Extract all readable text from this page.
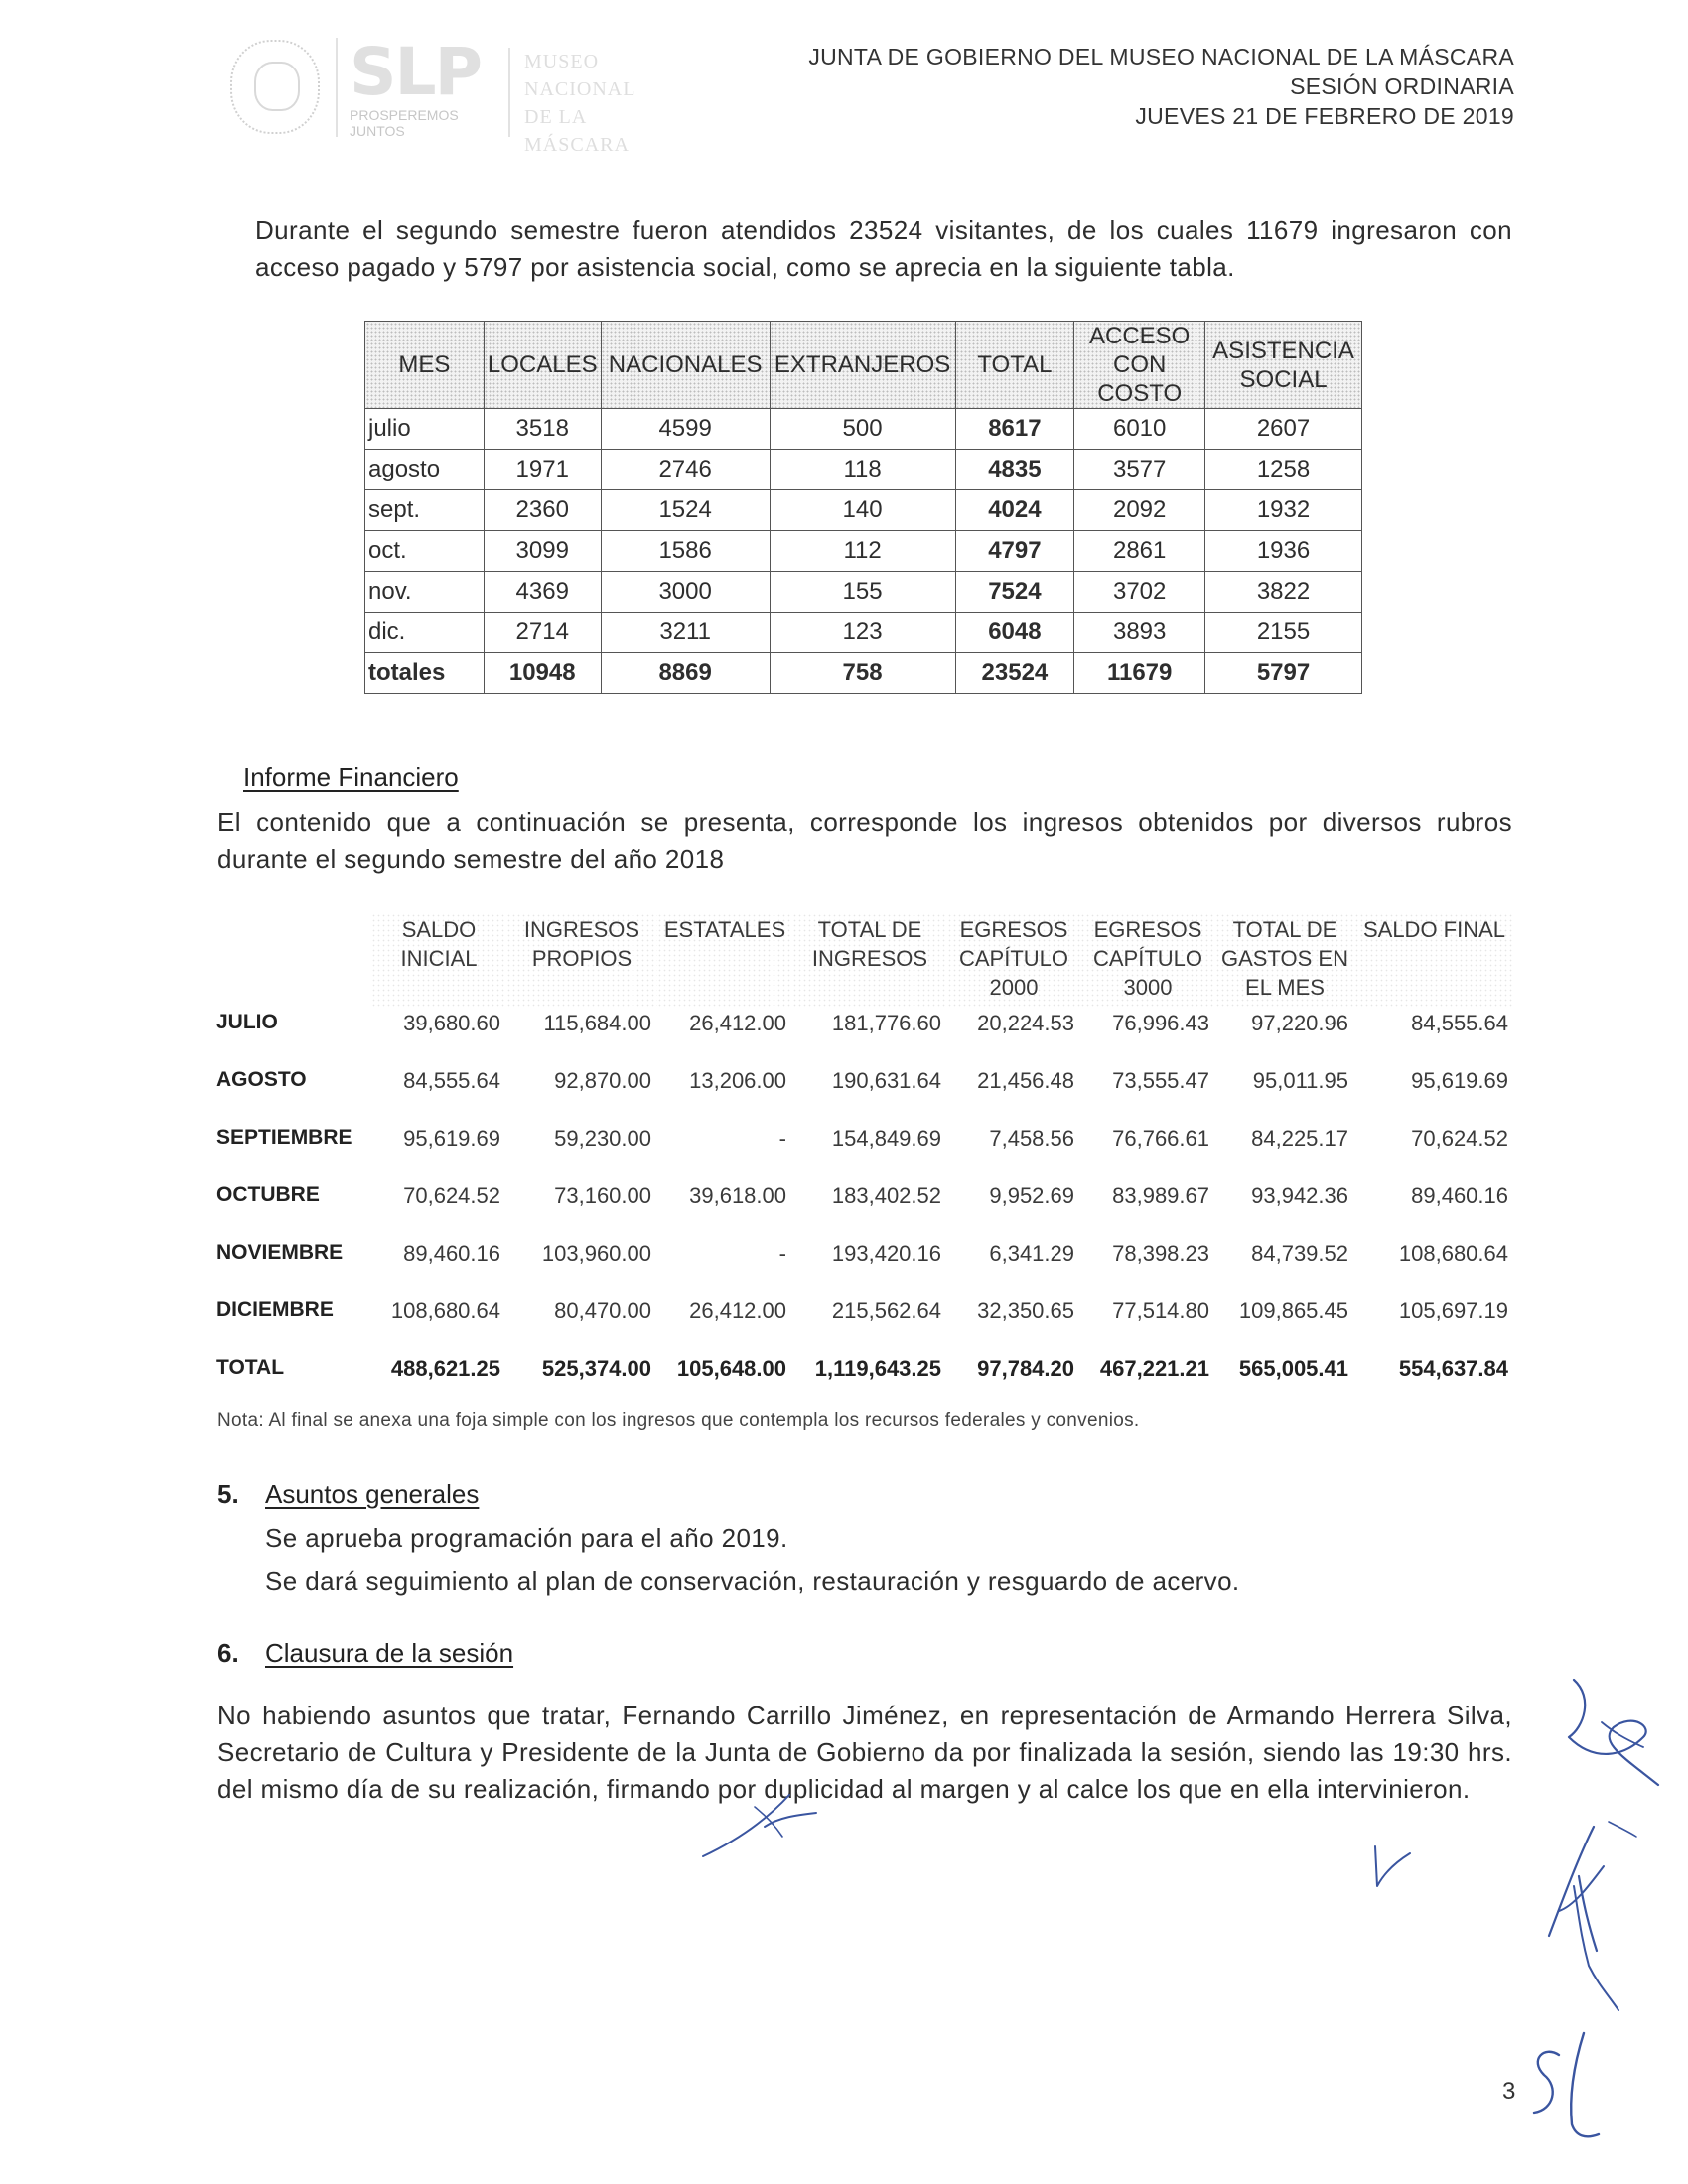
SLP
PROSPEREMOS JUNTOS
MUSEO NACIONAL
DE LA MÁSCARA
JUNTA DE GOBIERNO DEL MUSEO NACIONAL DE LA MÁSCARA
SESIÓN ORDINARIA
JUEVES 21 DE FEBRERO DE 2019

Durante el segundo semestre fueron atendidos 23524 visitantes, de los cuales 11679 ingresaron con acceso pagado y 5797 por asistencia social, como se aprecia en la siguiente tabla.

MES	LOCALES	NACIONALES	EXTRANJEROS	TOTAL	ACCESO CON COSTO	ASISTENCIA SOCIAL
julio	3518	4599	500	8617	6010	2607
agosto	1971	2746	118	4835	3577	1258
sept.	2360	1524	140	4024	2092	1932
oct.	3099	1586	112	4797	2861	1936
nov.	4369	3000	155	7524	3702	3822
dic.	2714	3211	123	6048	3893	2155
totales	10948	8869	758	23524	11679	5797
Informe Financiero

El contenido que a continuación se presenta, corresponde los ingresos obtenidos por diversos rubros durante el segundo semestre del año 2018

	SALDO INICIAL	INGRESOS PROPIOS	ESTATALES	TOTAL DE INGRESOS	EGRESOS CAPÍTULO 2000	EGRESOS CAPÍTULO 3000	TOTAL DE GASTOS EN EL MES	SALDO FINAL
JULIO	39,680.60	115,684.00	26,412.00	181,776.60	20,224.53	76,996.43	97,220.96	84,555.64
AGOSTO	84,555.64	92,870.00	13,206.00	190,631.64	21,456.48	73,555.47	95,011.95	95,619.69
SEPTIEMBRE	95,619.69	59,230.00	-	154,849.69	7,458.56	76,766.61	84,225.17	70,624.52
OCTUBRE	70,624.52	73,160.00	39,618.00	183,402.52	9,952.69	83,989.67	93,942.36	89,460.16
NOVIEMBRE	89,460.16	103,960.00	-	193,420.16	6,341.29	78,398.23	84,739.52	108,680.64
DICIEMBRE	108,680.64	80,470.00	26,412.00	215,562.64	32,350.65	77,514.80	109,865.45	105,697.19
TOTAL	488,621.25	525,374.00	105,648.00	1,119,643.25	97,784.20	467,221.21	565,005.41	554,637.84
Nota: Al final se anexa una foja simple con los ingresos que contempla los recursos federales y convenios.
5. Asuntos generales
Se aprueba programación para el año 2019.
Se dará seguimiento al plan de conservación, restauración y resguardo de acervo.
6. Clausura de la sesión

No habiendo asuntos que tratar, Fernando Carrillo Jiménez, en representación de Armando Herrera Silva, Secretario de Cultura y Presidente de la Junta de Gobierno da por finalizada la sesión, siendo las 19:30 hrs. del mismo día de su realización, firmando por duplicidad al margen y al calce los que en ella intervinieron.

3
